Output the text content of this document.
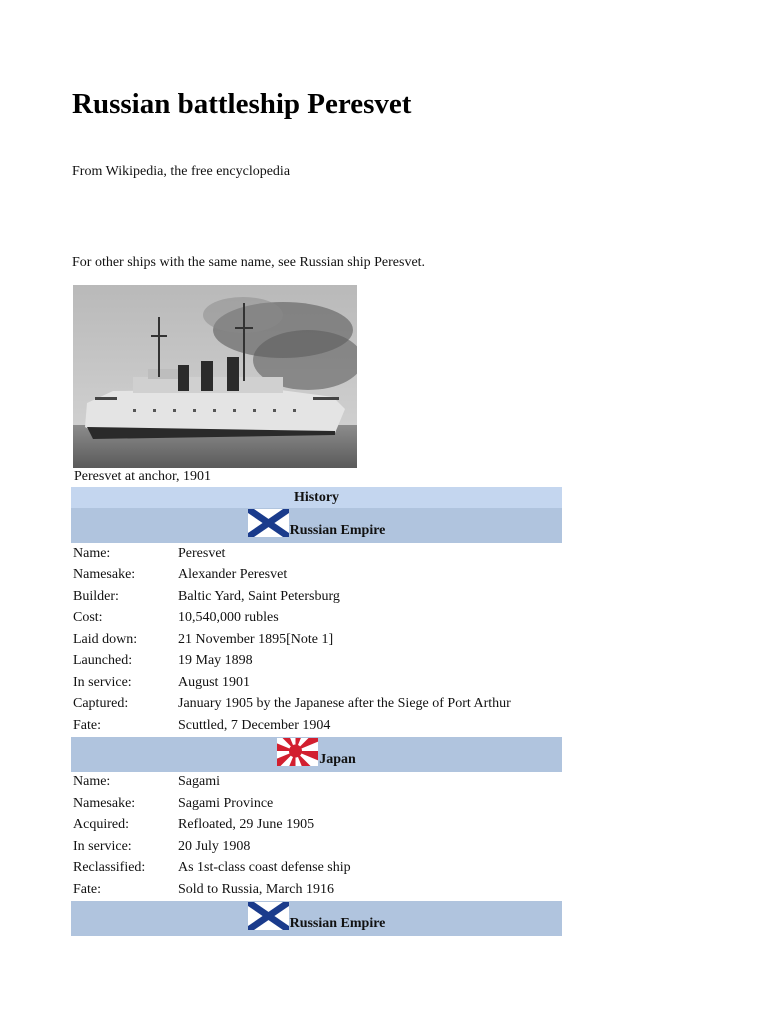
Russian battleship Peresvet
From Wikipedia, the free encyclopedia
For other ships with the same name, see Russian ship Peresvet.
Peresvet at anchor, 1901
History	

Russian Empire	

Name:	Peresvet
Namesake:	Alexander Peresvet
Builder:	Baltic Yard, Saint Petersburg
Cost:	10,540,000 rubles
Laid down:	21 November 1895[Note 1]
Launched:	19 May 1898
In service:	August 1901
Captured:	January 1905 by the Japanese after the Siege of Port Arthur
Fate:	Scuttled, 7 December 1904

Japan	

Name:	Sagami
Namesake:	Sagami Province
Acquired:	Refloated, 29 June 1905
In service:	20 July 1908
Reclassified:	As 1st-class coast defense ship
Fate:	Sold to Russia, March 1916

Russian Empire	
